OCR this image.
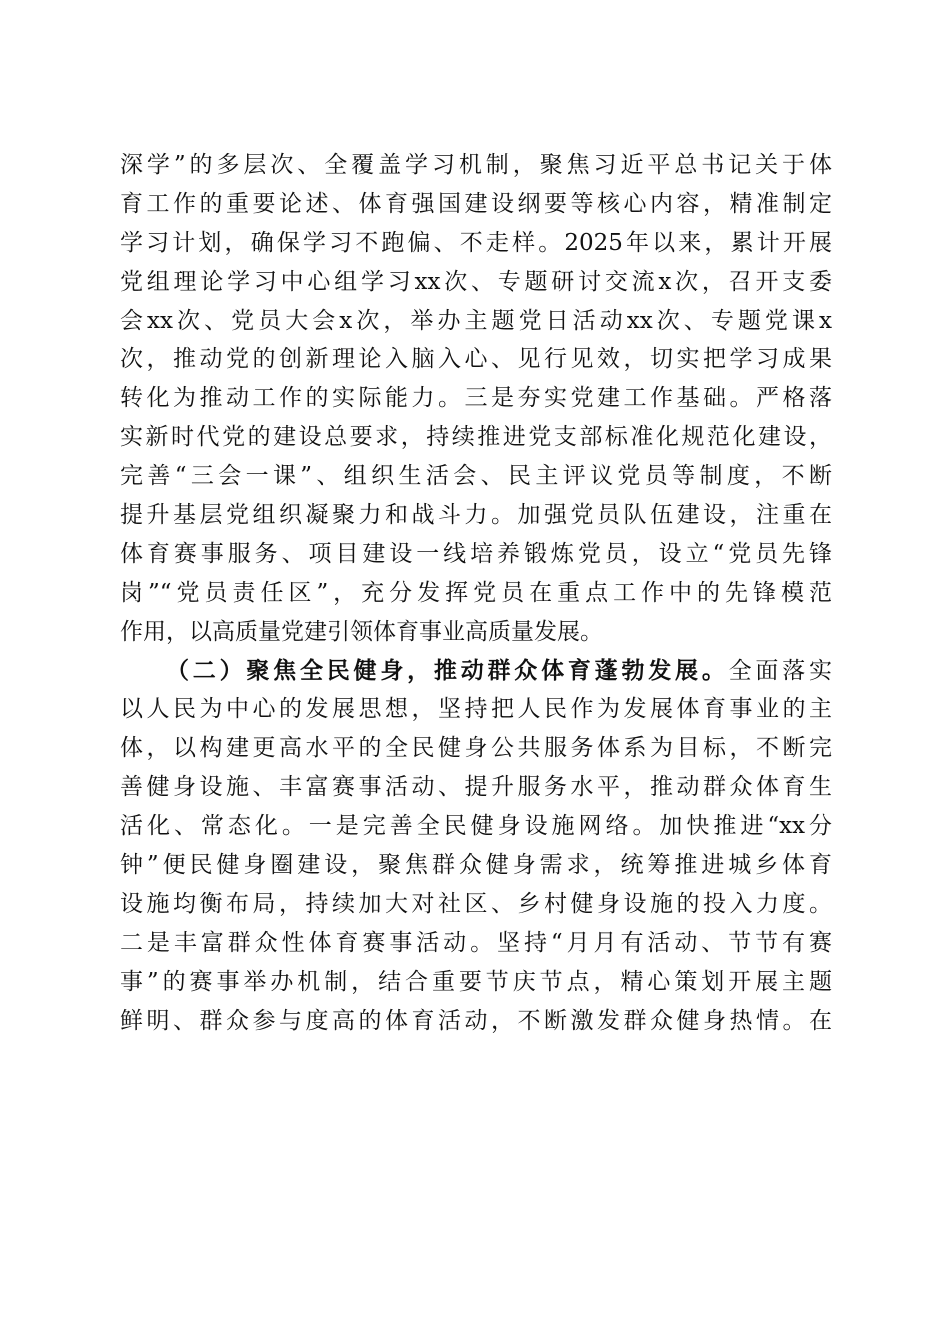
深学”的多层次、全覆盖学习机制，聚焦习近平总书记关于体
育工作的重要论述、体育强国建设纲要等核心内容，精准制定
学习计划，确保学习不跑偏、不走样。2025年以来，累计开展
党组理论学习中心组学习xx次、专题研讨交流x次，召开支委
会xx次、党员大会x次，举办主题党日活动xx次、专题党课x
次，推动党的创新理论入脑入心、见行见效，切实把学习成果
转化为推动工作的实际能力。三是夯实党建工作基础。严格落
实新时代党的建设总要求，持续推进党支部标准化规范化建设，
完善“三会一课”、组织生活会、民主评议党员等制度，不断
提升基层党组织凝聚力和战斗力。加强党员队伍建设，注重在
体育赛事服务、项目建设一线培养锻炼党员，设立“党员先锋
岗”“党员责任区”，充分发挥党员在重点工作中的先锋模范
作用，以高质量党建引领体育事业高质量发展。
（二）聚焦全民健身，推动群众体育蓬勃发展。全面落实
以人民为中心的发展思想，坚持把人民作为发展体育事业的主
体，以构建更高水平的全民健身公共服务体系为目标，不断完
善健身设施、丰富赛事活动、提升服务水平，推动群众体育生
活化、常态化。一是完善全民健身设施网络。加快推进“xx分
钟”便民健身圈建设，聚焦群众健身需求，统筹推进城乡体育
设施均衡布局，持续加大对社区、乡村健身设施的投入力度。
二是丰富群众性体育赛事活动。坚持“月月有活动、节节有赛
事”的赛事举办机制，结合重要节庆节点，精心策划开展主题
鲜明、群众参与度高的体育活动，不断激发群众健身热情。在
